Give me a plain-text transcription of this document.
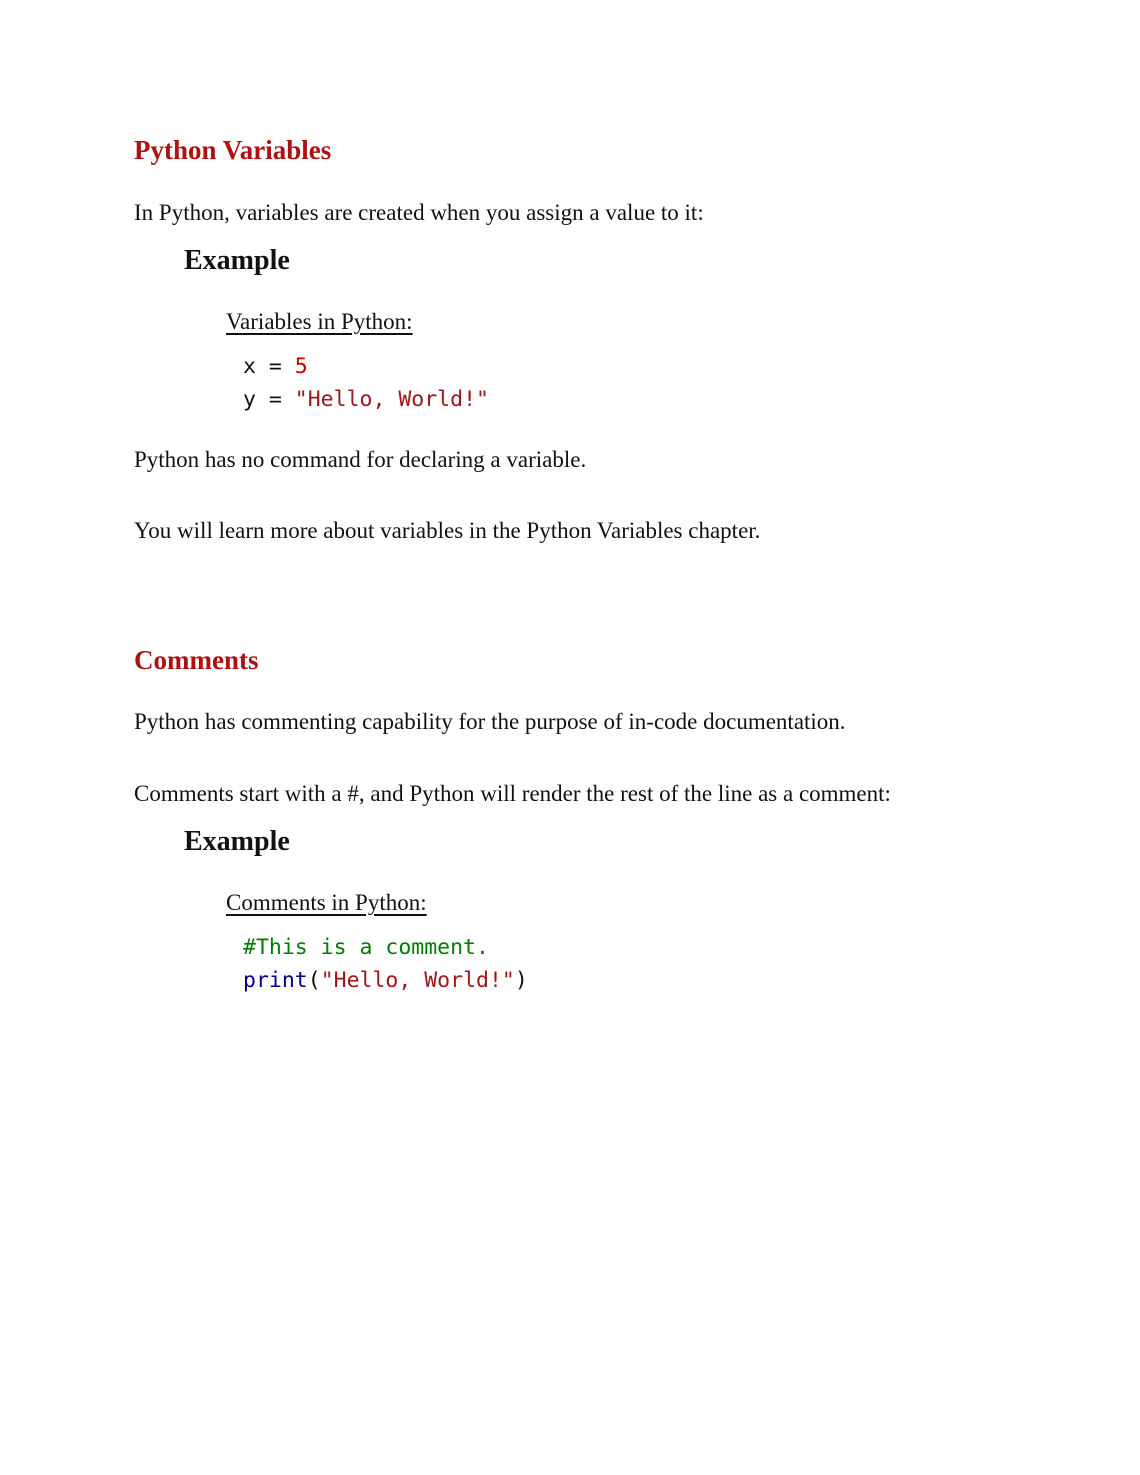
Python Variables

In Python, variables are created when you assign a value to it:

Example

Variables in Python:

x = 5
y = "Hello, World!"

Python has no command for declaring a variable.

You will learn more about variables in the Python Variables chapter.

Comments

Python has commenting capability for the purpose of in-code documentation.

Comments start with a #, and Python will render the rest of the line as a comment:

Example

Comments in Python:

#This is a comment.
print("Hello, World!")
